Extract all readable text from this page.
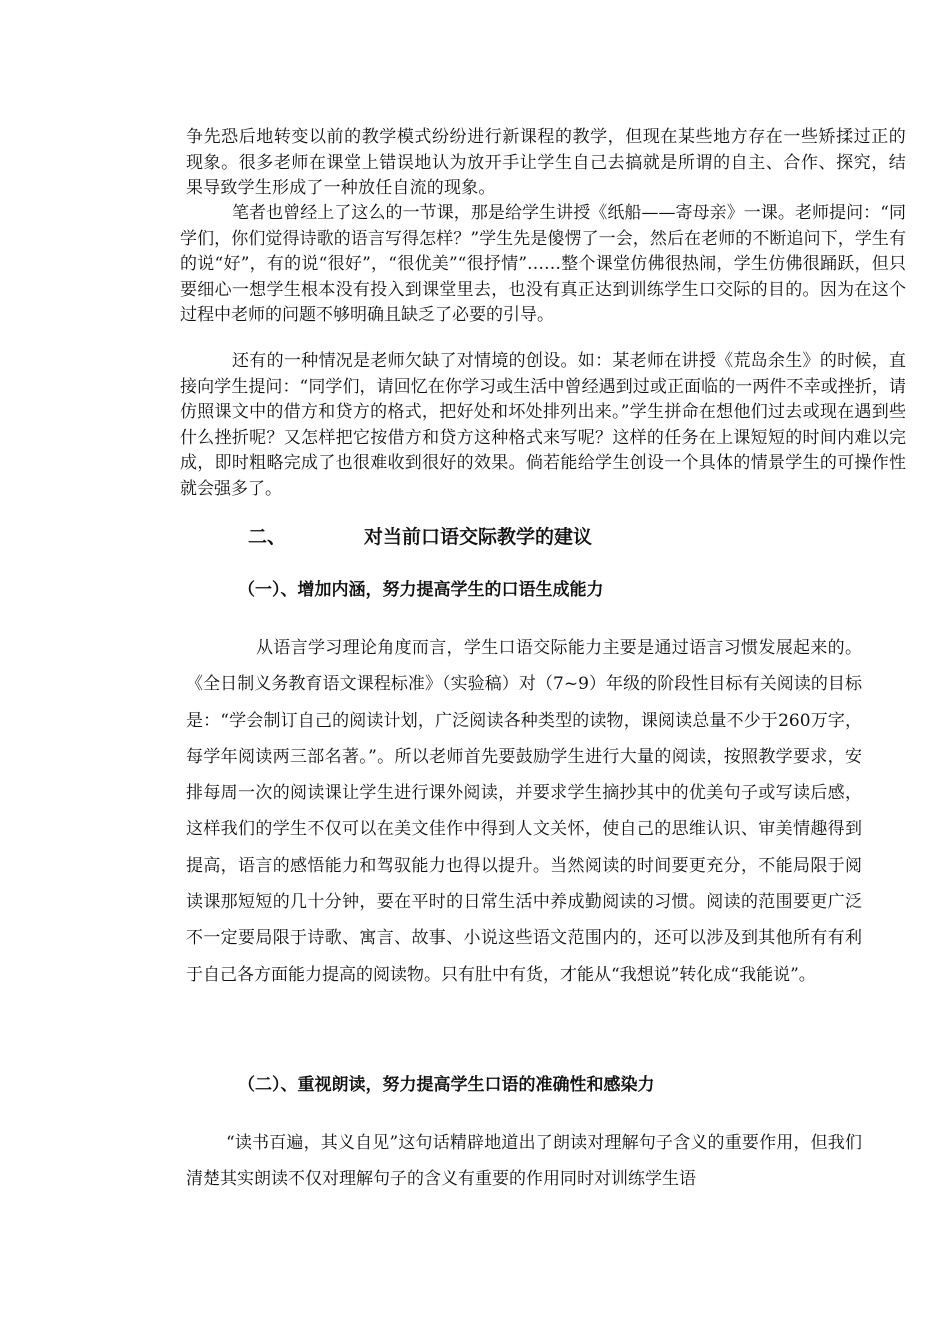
争先恐后地转变以前的教学模式纷纷进行新课程的教学，但现在某些地方存在一些矫揉过正的现象。很多老师在课堂上错误地认为放开手让学生自己去搞就是所谓的自主、合作、探究，结果导致学生形成了一种放任自流的现象。

笔者也曾经上了这么的一节课，那是给学生讲授《纸船——寄母亲》一课。老师提问：“同学们，你们觉得诗歌的语言写得怎样？”学生先是傻愣了一会，然后在老师的不断追问下，学生有的说“好”，有的说“很好”，“很优美”“很抒情”……整个课堂仿佛很热闹，学生仿佛很踊跃，但只要细心一想学生根本没有投入到课堂里去，也没有真正达到训练学生口交际的目的。因为在这个过程中老师的问题不够明确且缺乏了必要的引导。

还有的一种情况是老师欠缺了对情境的创设。如：某老师在讲授《荒岛余生》的时候，直接向学生提问：“同学们，请回忆在你学习或生活中曾经遇到过或正面临的一两件不幸或挫折，请仿照课文中的借方和贷方的格式，把好处和坏处排列出来。”学生拼命在想他们过去或现在遇到些什么挫折呢？又怎样把它按借方和贷方这种格式来写呢？这样的任务在上课短短的时间内难以完成，即时粗略完成了也很难收到很好的效果。倘若能给学生创设一个具体的情景学生的可操作性就会强多了。

二、	对当前口语交际教学的建议
（一）、增加内涵，努力提高学生的口语生成能力

从语言学习理论角度而言，学生口语交际能力主要是通过语言习惯发展起来的。《全日制义务教育语文课程标准》（实验稿）对（7~9）年级的阶段性目标有关阅读的目标是：“学会制订自己的阅读计划，广泛阅读各种类型的读物，课阅读总量不少于260万字，每学年阅读两三部名著。”。所以老师首先要鼓励学生进行大量的阅读，按照教学要求，安排每周一次的阅读课让学生进行课外阅读，并要求学生摘抄其中的优美句子或写读后感，这样我们的学生不仅可以在美文佳作中得到人文关怀，使自己的思维认识、审美情趣得到提高，语言的感悟能力和驾驭能力也得以提升。当然阅读的时间要更充分，不能局限于阅读课那短短的几十分钟，要在平时的日常生活中养成勤阅读的习惯。阅读的范围要更广泛不一定要局限于诗歌、寓言、故事、小说这些语文范围内的，还可以涉及到其他所有有利于自己各方面能力提高的阅读物。只有肚中有货，才能从“我想说”转化成“我能说”。

（二）、重视朗读，努力提高学生口语的准确性和感染力

“读书百遍，其义自见”这句话精辟地道出了朗读对理解句子含义的重要作用，但我们清楚其实朗读不仅对理解句子的含义有重要的作用同时对训练学生语
